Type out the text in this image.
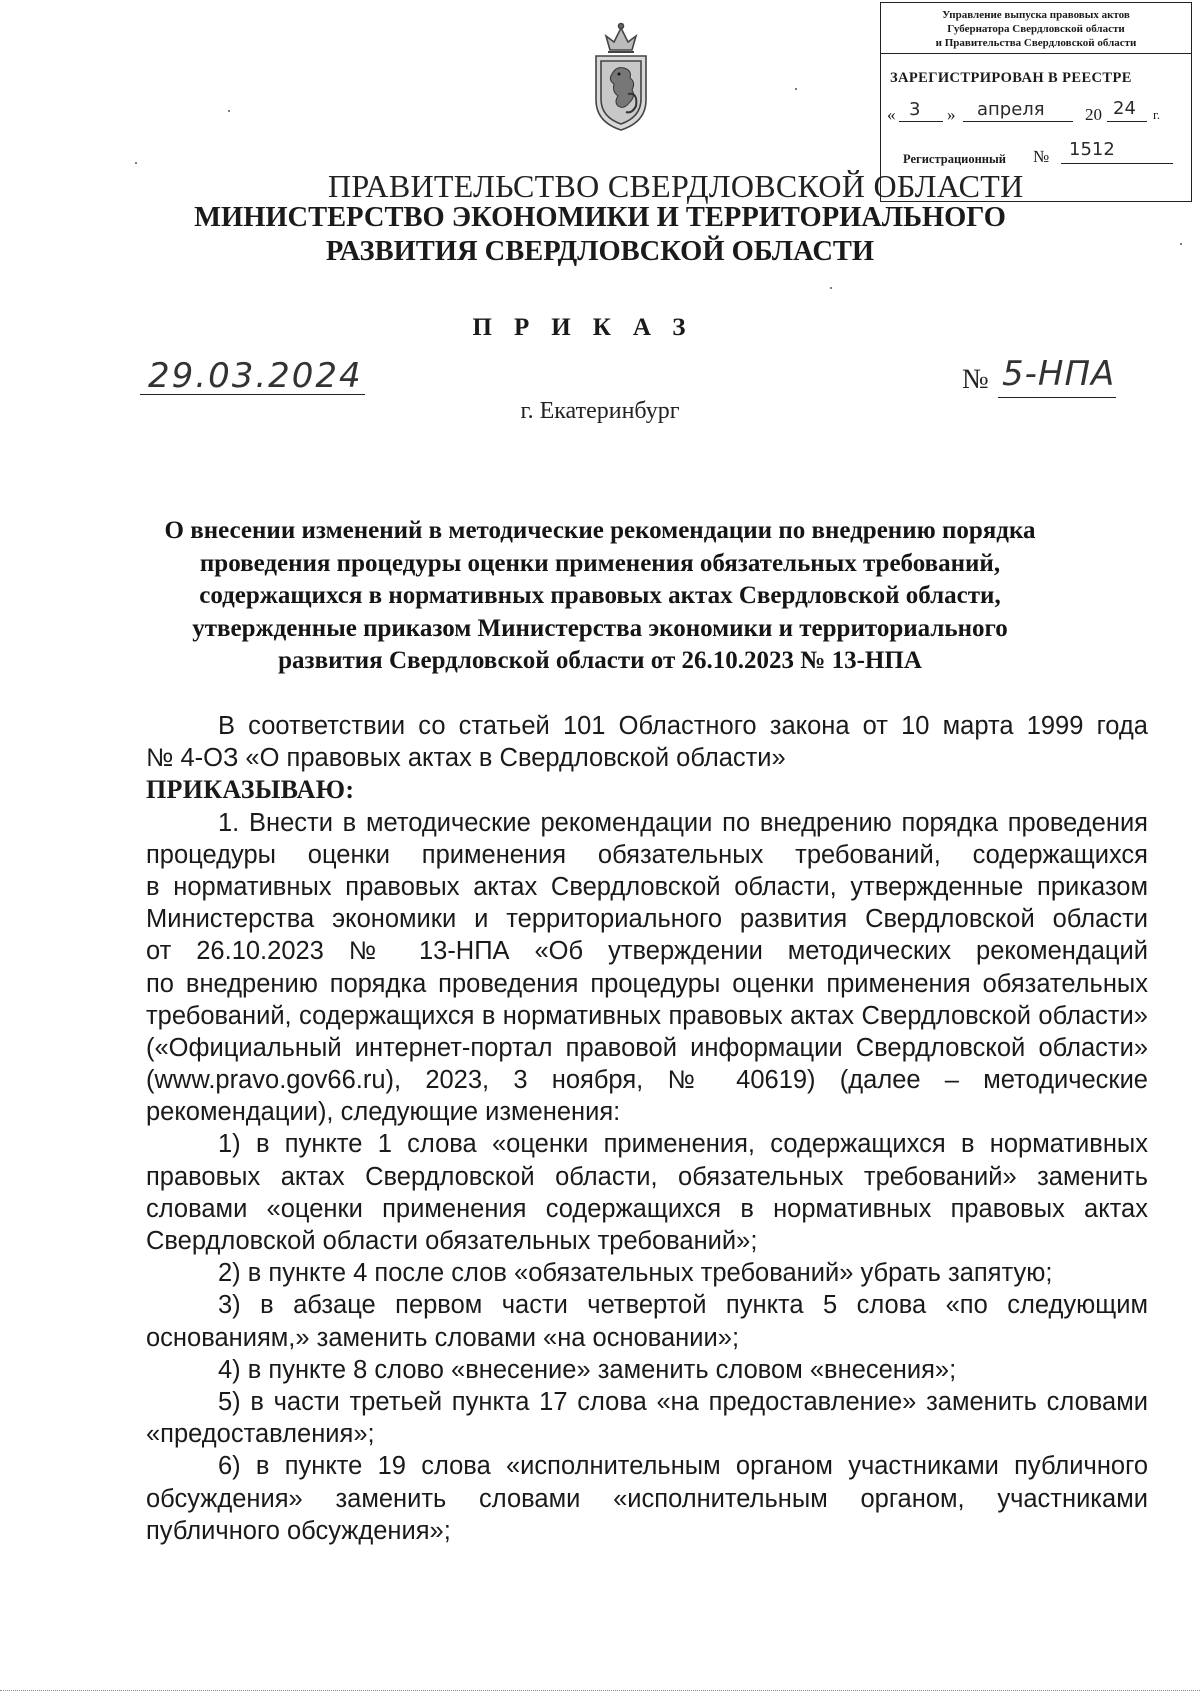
Управление выпуска правовых актов
Губернатора Свердловской области
и Правительства Свердловской области
ЗАРЕГИСТРИРОВАН В РЕЕСТРЕ
« 3 » апреля 20 24 г.
Регистрационный № 1512
ПРАВИТЕЛЬСТВО СВЕРДЛОВСКОЙ ОБЛАСТИ
МИНИСТЕРСТВО ЭКОНОМИКИ И ТЕРРИТОРИАЛЬНОГО
РАЗВИТИЯ СВЕРДЛОВСКОЙ ОБЛАСТИ
ПРИКАЗ
29.03.2024	№ 5-НПА
г. Екатеринбург
О внесении изменений в методические рекомендации по внедрению порядка
проведения процедуры оценки применения обязательных требований,
содержащихся в нормативных правовых актах Свердловской области,
утвержденные приказом Министерства экономики и территориального
развития Свердловской области от 26.10.2023 № 13-НПА
В соответствии со статьей 101 Областного закона от 10 марта 1999 года
№ 4-ОЗ «О правовых актах в Свердловской области»
ПРИКАЗЫВАЮ:
1. Внести в методические рекомендации по внедрению порядка проведения
процедуры оценки применения обязательных требований, содержащихся
в нормативных правовых актах Свердловской области, утвержденные приказом
Министерства экономики и территориального развития Свердловской области
от 26.10.2023 № 13-НПА «Об утверждении методических рекомендаций
по внедрению порядка проведения процедуры оценки применения обязательных
требований, содержащихся в нормативных правовых актах Свердловской области»
(«Официальный интернет-портал правовой информации Свердловской области»
(www.pravo.gov66.ru), 2023, 3 ноября, № 40619) (далее – методические
рекомендации), следующие изменения:
1) в пункте 1 слова «оценки применения, содержащихся в нормативных
правовых актах Свердловской области, обязательных требований» заменить
словами «оценки применения содержащихся в нормативных правовых актах
Свердловской области обязательных требований»;
2) в пункте 4 после слов «обязательных требований» убрать запятую;
3) в абзаце первом части четвертой пункта 5 слова «по следующим
основаниям,» заменить словами «на основании»;
4) в пункте 8 слово «внесение» заменить словом «внесения»;
5) в части третьей пункта 17 слова «на предоставление» заменить словами
«предоставления»;
6) в пункте 19 слова «исполнительным органом участниками публичного
обсуждения» заменить словами «исполнительным органом, участниками
публичного обсуждения»;
